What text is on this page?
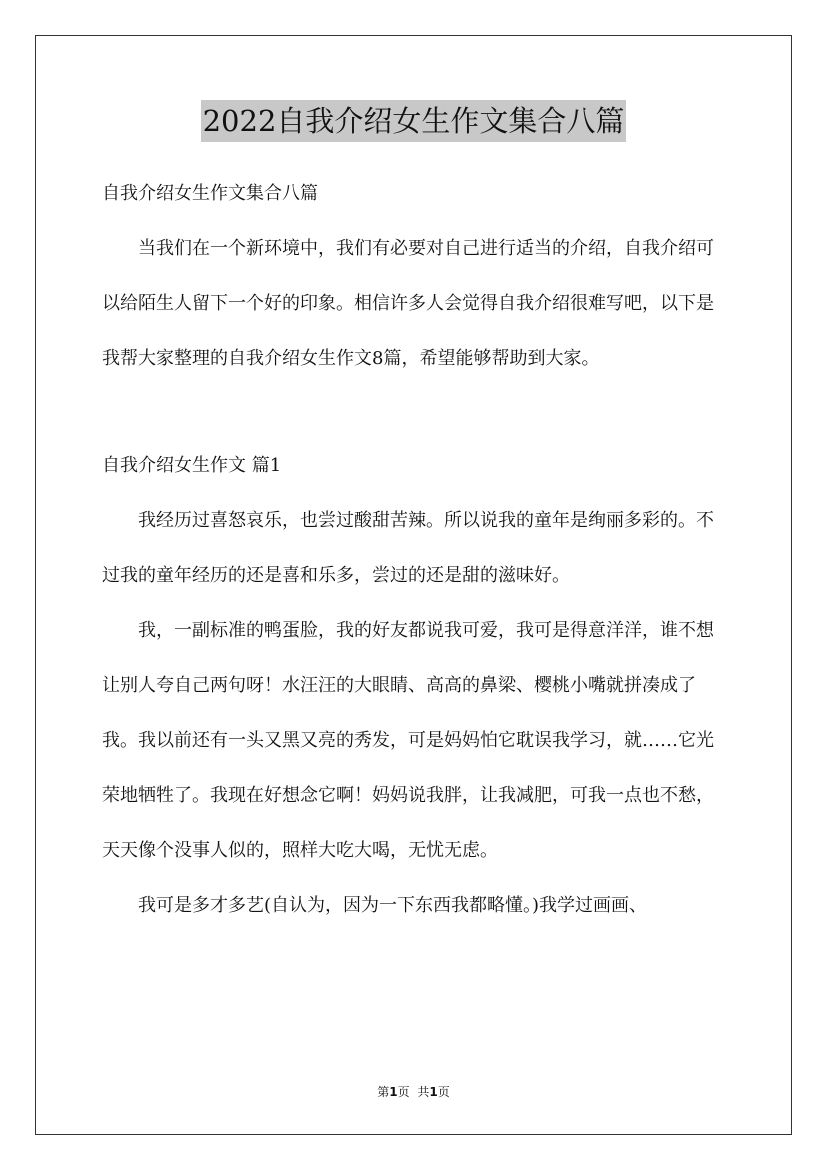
2022自我介绍女生作文集合八篇

自我介绍女生作文集合八篇

当我们在一个新环境中，我们有必要对自己进行适当的介绍，自我介绍可以给陌生人留下一个好的印象。相信许多人会觉得自我介绍很难写吧，以下是我帮大家整理的自我介绍女生作文8篇，希望能够帮助到大家。

自我介绍女生作文 篇1

我经历过喜怒哀乐，也尝过酸甜苦辣。所以说我的童年是绚丽多彩的。不过我的童年经历的还是喜和乐多，尝过的还是甜的滋味好。

我，一副标准的鸭蛋脸，我的好友都说我可爱，我可是得意洋洋，谁不想让别人夸自己两句呀！水汪汪的大眼睛、高高的鼻梁、樱桃小嘴就拼凑成了我。我以前还有一头又黑又亮的秀发，可是妈妈怕它耽误我学习，就……它光荣地牺牲了。我现在好想念它啊！妈妈说我胖，让我减肥，可我一点也不愁，天天像个没事人似的，照样大吃大喝，无忧无虑。

我可是多才多艺(自认为，因为一下东西我都略懂。)我学过画画、

第1页 共1页
